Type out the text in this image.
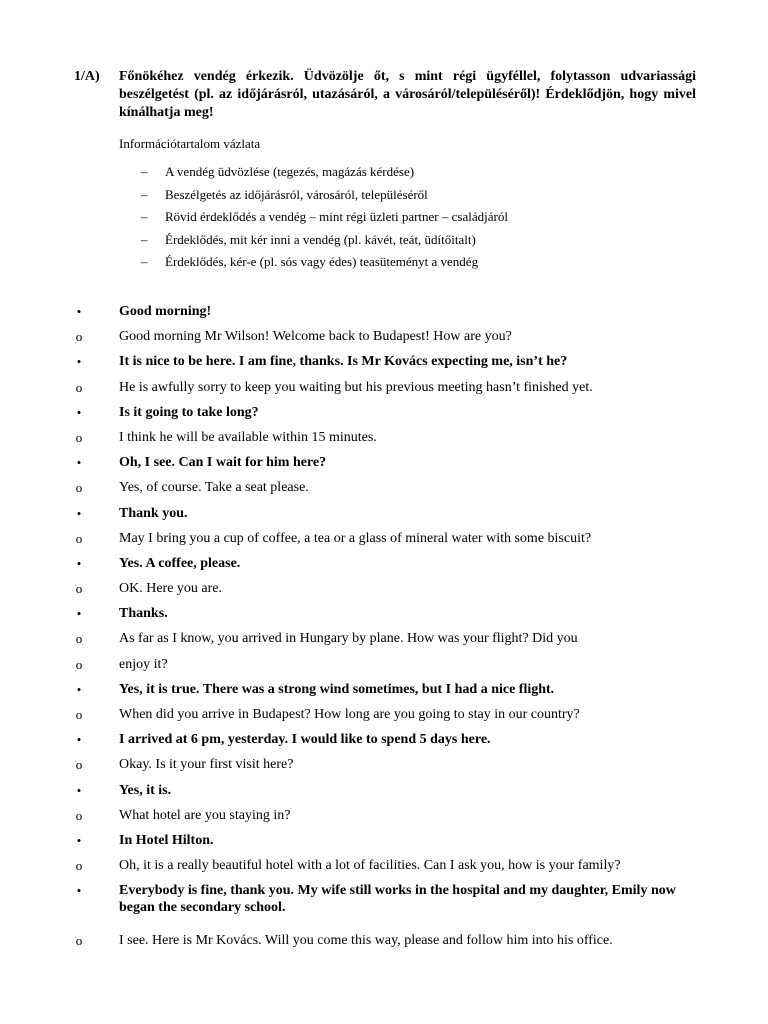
1/A) Főnökéhez vendég érkezik. Üdvözölje őt, s mint régi ügyféllel, folytasson udvariassági beszélgetést (pl. az időjárásról, utazásáról, a városáról/településéről)! Érdeklődjön, hogy mivel kínálhatja meg!
Információtartalom vázlata
–	A vendég üdvözlése (tegezés, magázás kérdése)
–	Beszélgetés az időjárásról, városáról, településéről
–	Rövid érdeklődés a vendég – mint régi üzleti partner – családjáról
–	Érdeklődés, mit kér inni a vendég (pl. kávét, teát, üdítőitalt)
–	Érdeklődés, kér-e (pl. sós vagy édes) teasüteményt a vendég
•	Good morning!
o	Good morning Mr Wilson! Welcome back to Budapest! How are you?
•	It is nice to be here. I am fine, thanks. Is Mr Kovács expecting me, isn’t he?
o	He is awfully sorry to keep you waiting but his previous meeting hasn’t finished yet.
•	Is it going to take long?
o	I think he will be available within 15 minutes.
•	Oh, I see. Can I wait for him here?
o	Yes, of course. Take a seat please.
•	Thank you.
o	May I bring you a cup of coffee, a tea or a glass of mineral water with some biscuit?
•	Yes. A coffee, please.
o	OK. Here you are.
•	Thanks.
o	As far as I know, you arrived in Hungary by plane. How was your flight? Did you
o	enjoy it?
•	Yes, it is true. There was a strong wind sometimes, but I had a nice flight.
o	When did you arrive in Budapest? How long are you going to stay in our country?
•	I arrived at 6 pm, yesterday. I would like to spend 5 days here.
o	Okay. Is it your first visit here?
•	Yes, it is.
o	What hotel are you staying in?
•	In Hotel Hilton.
o	Oh, it is a really beautiful hotel with a lot of facilities. Can I ask you, how is your family?
•	Everybody is fine, thank you. My wife still works in the hospital and my daughter, Emily now began the secondary school.
o	I see. Here is Mr Kovács. Will you come this way, please and follow him into his office.
